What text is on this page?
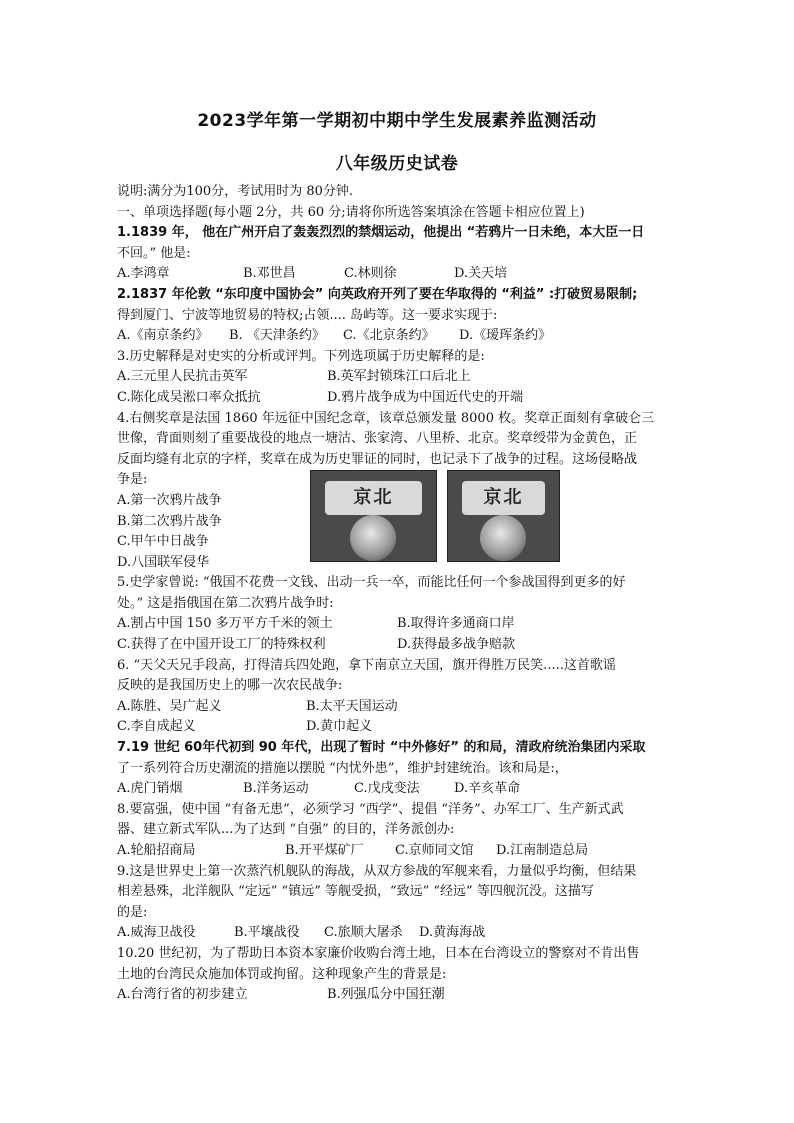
2023学年第一学期初中期中学生发展素养监测活动
八年级历史试卷

说明:满分为100分，考试用时为 80分钟.

一、单项选择题(每小题 2分，共 60 分;请将你所选答案填涂在答题卡相应位置上)

1.1839 年， 他在广州开启了轰轰烈烈的禁烟运动，他提出 “若鸦片一日未绝，本大臣一日

不回。” 他是:

A.李鸿章	B.邓世昌	C.林则徐	D.关天培

2.1837 年伦敦 “东印度中国协会” 向英政府开列了要在华取得的 “利益” :打破贸易限制;

得到厦门、宁波等地贸易的特权;占领.... 岛屿等。这一要求实现于:

A.《南京条约》	B. 《天津条约》	C.《北京条约》	D.《瑷珲条约》

3.历史解释是对史实的分析或评判。下列选项属于历史解释的是:

A.三元里人民抗击英军	B.英军封锁珠江口后北上
C.陈化成吴淞口率众抵抗	D.鸦片战争成为中国近代史的开端

4.右侧奖章是法国 1860 年远征中国纪念章，该章总颁发量 8000 枚。奖章正面刻有拿破仑三

世像，背面则刻了重要战役的地点一塘沽、张家湾、八里桥、北京。奖章绶带为金黄色，正

反面均缝有北京的字样，奖章在成为历史罪证的同时，也记录下了战争的过程。这场侵略战

争是:

A.第一次鸦片战争

B.第二次鸦片战争

C.甲午中日战争

D.八国联军侵华

京北	京北

5.史学家曾说: “俄国不花费一文钱、出动一兵一卒，而能比任何一个参战国得到更多的好

处。” 这是指俄国在第二次鸦片战争时:

A.割占中国 150 多万平方千米的领土	B.取得许多通商口岸
C.获得了在中国开设工厂的特殊权利	D.获得最多战争赔款

6. “天父天兄手段高，打得清兵四处跑，拿下南京立天国，旗开得胜万民笑.....这首歌谣

反映的是我国历史上的哪一次农民战争:

A.陈胜、吴广起义	B.太平天国运动
C.李自成起义	D.黄巾起义

7.19 世纪 60年代初到 90 年代，出现了暂时 “中外修好” 的和局，清政府统治集团内采取

了一系列符合历史潮流的措施以摆脱 “内忧外患”，维护封建统治。该和局是:，

A.虎门销烟	B.洋务运动	C.戊戌变法	D.辛亥革命

8.要富强，使中国 “有备无患”，必须学习 “西学”、提倡 “洋务”、办军工厂、生产新式武

器、建立新式军队...为了达到 “自强” 的目的，洋务派创办:

A.轮船招商局	B.开平煤矿厂	C.京师同文馆	D.江南制造总局

9.这是世界史上第一次蒸汽机舰队的海战，从双方参战的军舰来看，力量似乎均衡，但结果

相差悬殊，北洋舰队 “定远” “镇远” 等舰受损，“致远” “经远” 等四舰沉没。这描写

的是:

A.威海卫战役	B.平壤战役	C.旅顺大屠杀	D.黄海海战

10.20 世纪初，为了帮助日本资本家廉价收购台湾土地，日本在台湾设立的警察对不肯出售

土地的台湾民众施加体罚或拘留。这种现象产生的背景是:

A.台湾行省的初步建立	B.列强瓜分中国狂潮
